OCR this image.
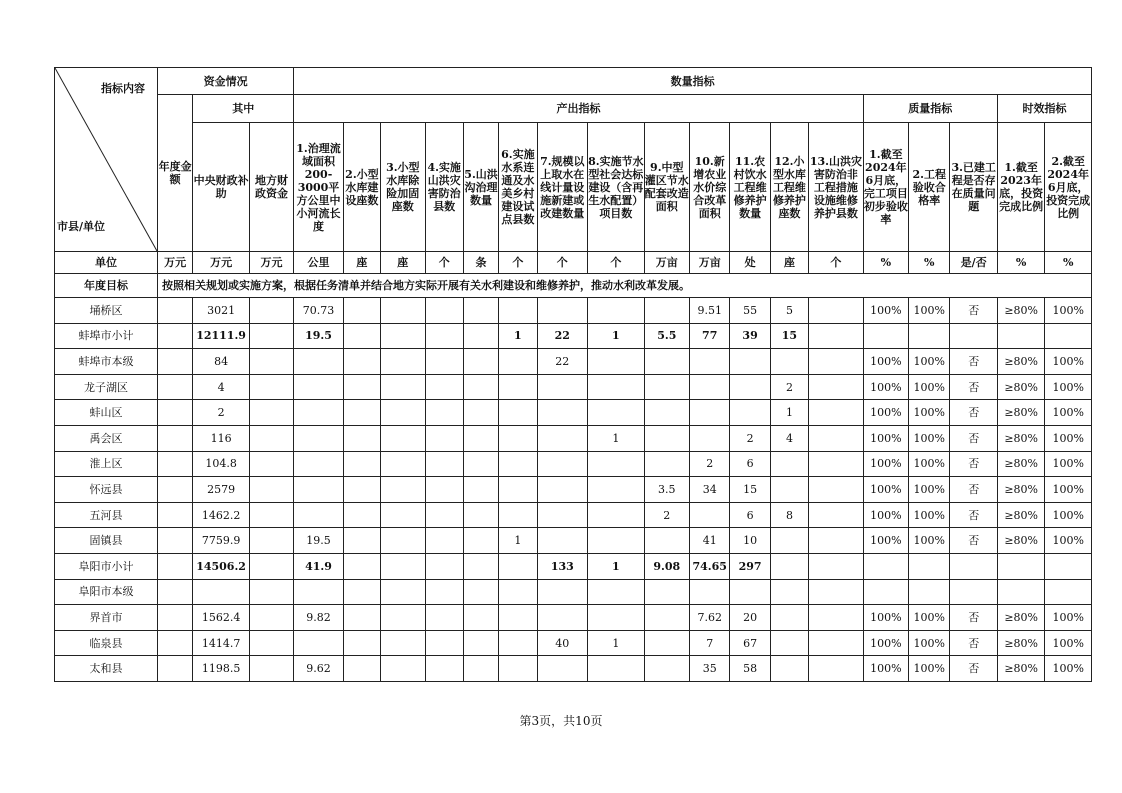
指标内容
市县/单位	资金情况			数量指标																	
	年度金额	其中		产出指标													质量指标			时效指标	
		中央财政补助	地方财政资金	1.治理流域面积200-3000平方公里中小河流长度	2.小型水库建设座数	3.小型水库除险加固座数	4.实施山洪灾害防治县数	5.山洪沟治理数量	6.实施水系连通及水美乡村建设试点县数	7.规模以上取水在线计量设施新建或改建数量	8.实施节水型社会达标建设（含再生水配置）项目数	9.中型灌区节水配套改造面积	10.新增农业水价综合改革面积	11.农村饮水工程维修养护数量	12.小型水库工程维修养护座数	13.山洪灾害防治非工程措施设施维修养护县数	1.截至2024年6月底，完工项目初步验收率	2.工程验收合格率	3.已建工程是否存在质量问题	1.截至2023年底，投资完成比例	2.截至2024年6月底，投资完成比例
单位	万元	万元	万元	公里	座	座	个	条	个	个	个	万亩	万亩	处	座	个	%	%	是/否	%	%
年度目标	按照相关规划或实施方案，根据任务清单并结合地方实际开展有关水利建设和维修养护，推动水利改革发展。																				
埇桥区		3021		70.73									9.51	55	5		100%	100%	否	≥80%	100%
蚌埠市小计		12111.9		19.5					1	22	1	5.5	77	39	15						
蚌埠市本级		84								22							100%	100%	否	≥80%	100%
龙子湖区		4													2		100%	100%	否	≥80%	100%
蚌山区		2													1		100%	100%	否	≥80%	100%
禹会区		116									1			2	4		100%	100%	否	≥80%	100%
淮上区		104.8											2	6			100%	100%	否	≥80%	100%
怀远县		2579										3.5	34	15			100%	100%	否	≥80%	100%
五河县		1462.2										2		6	8		100%	100%	否	≥80%	100%
固镇县		7759.9		19.5					1				41	10			100%	100%	否	≥80%	100%
阜阳市小计		14506.2		41.9						133	1	9.08	74.65	297							
阜阳市本级																					
界首市		1562.4		9.82									7.62	20			100%	100%	否	≥80%	100%
临泉县		1414.7								40	1		7	67			100%	100%	否	≥80%	100%
太和县		1198.5		9.62									35	58			100%	100%	否	≥80%	100%
第3页，共10页
